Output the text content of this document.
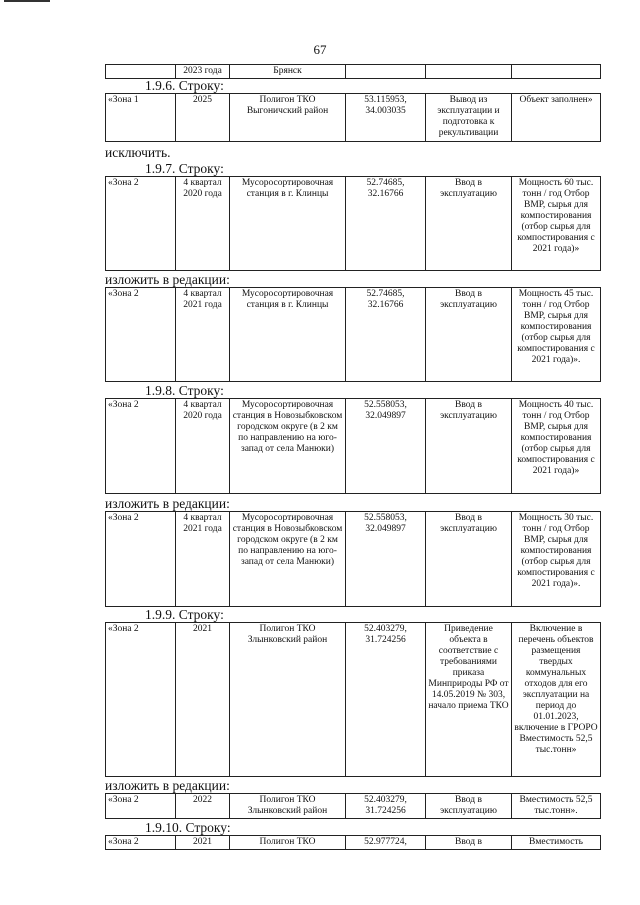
67
	2023 года	Брянск			
1.9.6. Строку:
«Зона 1	2025	Полигон ТКО Выгоничский район	53.115953, 34.003035	Вывод из эксплуатации и подготовка к рекультивации	Объект заполнен»
исключить.
1.9.7. Строку:
«Зона 2	4 квартал 2020 года	Мусоросортировочная станция в г. Клинцы	52.74685, 32.16766	Ввод в эксплуатацию	Мощность 60 тыс. тонн / год Отбор ВМР, сырья для компостирования (отбор сырья для компостирования с 2021 года)»
изложить в редакции:
«Зона 2	4 квартал 2021 года	Мусоросортировочная станция в г. Клинцы	52.74685, 32.16766	Ввод в эксплуатацию	Мощность 45 тыс. тонн / год Отбор ВМР, сырья для компостирования (отбор сырья для компостирования с 2021 года)».
1.9.8. Строку:
«Зона 2	4 квартал 2020 года	Мусоросортировочная станция в Новозыбковском городском округе (в 2 км по направлению на юго-запад от села Манюки)	52.558053, 32.049897	Ввод в эксплуатацию	Мощность 40 тыс. тонн / год Отбор ВМР, сырья для компостирования (отбор сырья для компостирования с 2021 года)»
изложить в редакции:
«Зона 2	4 квартал 2021 года	Мусоросортировочная станция в Новозыбковском городском округе (в 2 км по направлению на юго-запад от села Манюки)	52.558053, 32.049897	Ввод в эксплуатацию	Мощность 30 тыс. тонн / год Отбор ВМР, сырья для компостирования (отбор сырья для компостирования с 2021 года)».
1.9.9. Строку:
«Зона 2	2021	Полигон ТКО Злынковский район	52.403279, 31.724256	Приведение объекта в соответствие с требованиями приказа Минприроды РФ от 14.05.2019 № 303, начало приема ТКО	Включение в перечень объектов размещения твердых коммунальных отходов для его эксплуатации на период до 01.01.2023, включение в ГРОРО Вместимость 52,5 тыс.тонн»
изложить в редакции:
«Зона 2	2022	Полигон ТКО Злынковский район	52.403279, 31.724256	Ввод в эксплуатацию	Вместимость 52,5 тыс.тонн».
1.9.10. Строку:
«Зона 2	2021	Полигон ТКО	52.977724,	Ввод в	Вместимость
